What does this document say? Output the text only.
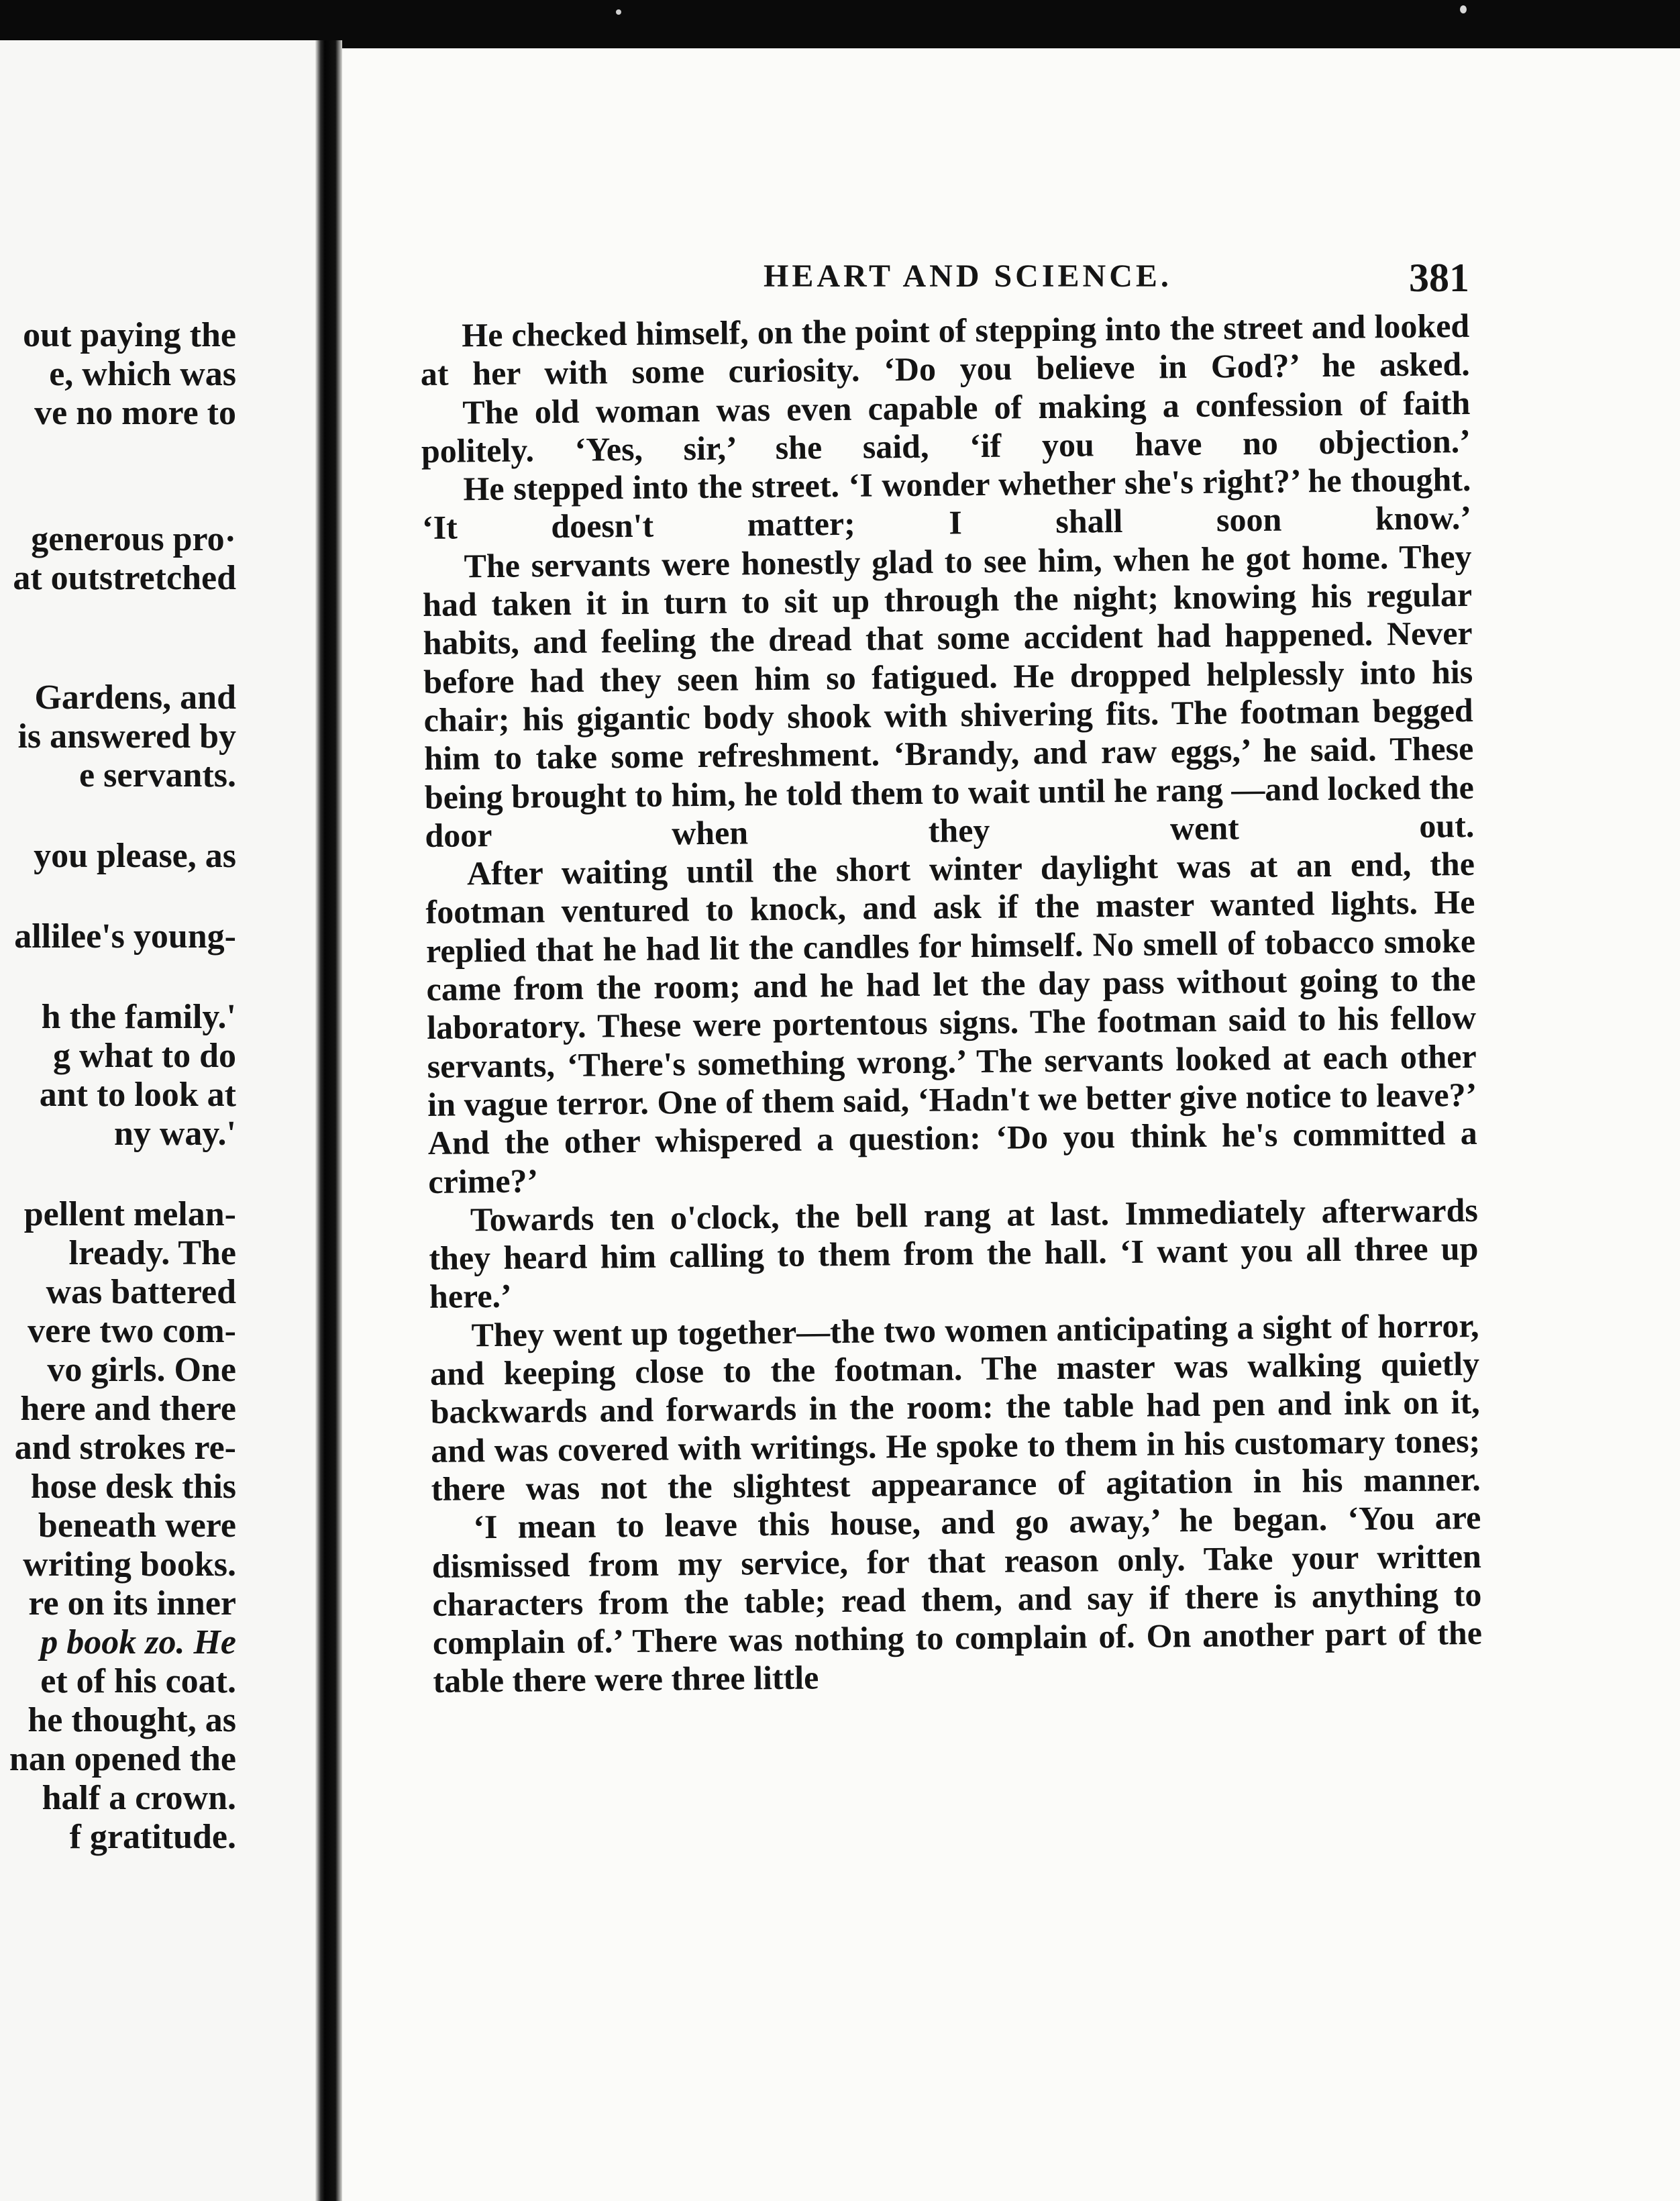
out paying the
e, which was
ve no more to
generous pro·
at outstretched
Gardens, and
is answered by
e servants.
you please, as
allilee's young-
h the family.'
g what to do
ant to look at
ny way.'
pellent melan-
lready. The
was battered
vere two com-
vo girls. One
here and there
and strokes re-
hose desk this
beneath were
writing books.
re on its inner
p book zo. He
et of his coat.
he thought, as
nan opened the
half a crown.
f gratitude.
HEART AND SCIENCE.	381

He checked himself, on the point of stepping into the street and looked at her with some curiosity. ‘Do you believe in God?’ he asked.

The old woman was even capable of making a confession of faith politely. ‘Yes, sir,’ she said, ‘if you have no objection.’

He stepped into the street. ‘I wonder whether she's right?’ he thought. ‘It doesn't matter; I shall soon know.’

The servants were honestly glad to see him, when he got home. They had taken it in turn to sit up through the night; knowing his regular habits, and feeling the dread that some accident had happened. Never before had they seen him so fatigued. He dropped helplessly into his chair; his gigantic body shook with shivering fits. The footman begged him to take some refreshment. ‘Brandy, and raw eggs,’ he said. These being brought to him, he told them to wait until he rang —and locked the door when they went out.

After waiting until the short winter daylight was at an end, the footman ventured to knock, and ask if the master wanted lights. He replied that he had lit the candles for himself. No smell of tobacco smoke came from the room; and he had let the day pass without going to the laboratory. These were portentous signs. The footman said to his fellow servants, ‘There's something wrong.’ The servants looked at each other in vague terror. One of them said, ‘Hadn't we better give notice to leave?’ And the other whispered a question: ‘Do you think he's committed a crime?’

Towards ten o'clock, the bell rang at last. Immediately afterwards they heard him calling to them from the hall. ‘I want you all three up here.’

They went up together—the two women anticipating a sight of horror, and keeping close to the footman. The master was walking quietly backwards and forwards in the room: the table had pen and ink on it, and was covered with writings. He spoke to them in his customary tones; there was not the slightest appearance of agitation in his manner.

‘I mean to leave this house, and go away,’ he began. ‘You are dismissed from my service, for that reason only. Take your written characters from the table; read them, and say if there is anything to complain of.’ There was nothing to complain of. On another part of the table there were three little
